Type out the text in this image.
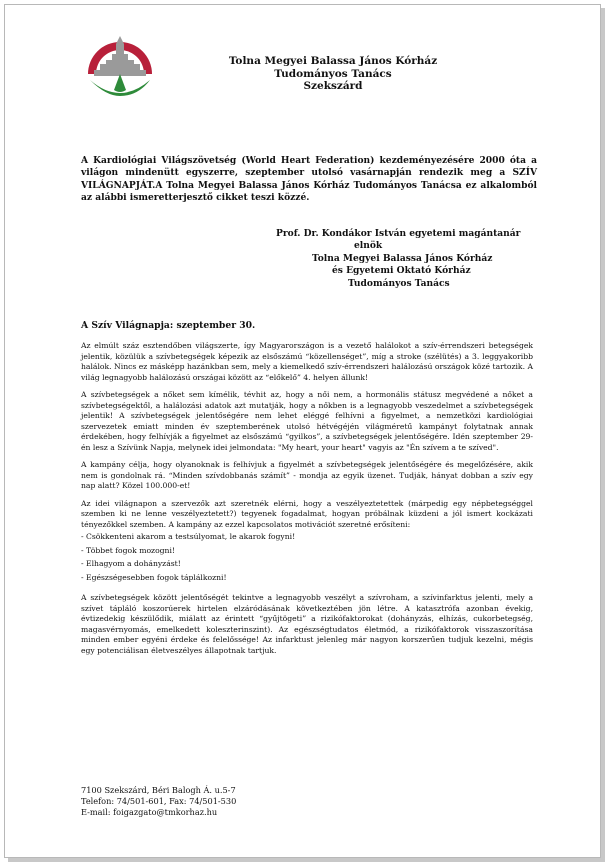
Tolna Megyei Balassa János Kórház
Tudományos Tanács
Szekszárd
A Kardiológiai Világszövetség (World Heart Federation) kezdeményezésére 2000 óta a világon mindenütt egyszerre, szeptember utolsó vasárnapján rendezik meg a SZÍV VILÁGNAPJÁT.A Tolna Megyei Balassa János Kórház Tudományos Tanácsa ez alkalomból az alábbi ismeretterjesztő cikket teszi közzé.
Prof. Dr. Kondákor István egyetemi magántanár
elnök
Tolna Megyei Balassa János Kórház
és Egyetemi Oktató Kórház
Tudományos Tanács
A Szív Világnapja: szeptember 30.

Az elmúlt száz esztendőben világszerte, így Magyarországon is a vezető halálokot a szív-érrendszeri betegségek jelentik, közülük a szívbetegségek képezik az elsőszámú “közellenséget”, míg a stroke (szélütés) a 3. leggyakoribb halálok. Nincs ez másképp hazánkban sem, mely a kiemelkedő szív-érrendszeri halálozású országok közé tartozik. A világ legnagyobb halálozású országai között az “előkelő” 4. helyen állunk!

A szívbetegségek a nőket sem kímélik, tévhit az, hogy a női nem, a hormonális státusz megvédené a nőket a szívbetegségektől, a halálozási adatok azt mutatják, hogy a nőkben is a legnagyobb veszedelmet a szívbetegségek jelentik! A szívbetegségek jelentőségére nem lehet eléggé felhívni a figyelmet, a nemzetközi kardiológiai szervezetek emiatt minden év szeptemberének utolsó hétvégéjén világméretű kampányt folytatnak annak érdekében, hogy felhívják a figyelmet az elsőszámú “gyilkos”, a szívbetegségek jelentőségére. Idén szeptember 29-én lesz a Szívünk Napja, melynek idei jelmondata: "My heart, your heart" vagyis az "Én szívem a te szíved".

A kampány célja, hogy olyanoknak is felhívjuk a figyelmét a szívbetegségek jelentőségére és megelőzésére, akik nem is gondolnak rá. “Minden szívdobbanás számít” - mondja az egyik üzenet. Tudják, hányat dobban a szív egy nap alatt? Közel 100.000-et!

Az idei világnapon a szervezők azt szeretnék elérni, hogy a veszélyeztetettek (márpedig egy népbetegséggel szemben ki ne lenne veszélyeztetett?) tegyenek fogadalmat, hogyan próbálnak küzdeni a jól ismert kockázati tényezőkkel szemben. A kampány az ezzel kapcsolatos motivációt szeretné erősíteni:

- Csökkenteni akarom a testsúlyomat, le akarok fogyni!
- Többet fogok mozogni!
- Elhagyom a dohányzást!
- Egészségesebben fogok táplálkozni!

A szívbetegségek között jelentőségét tekintve a legnagyobb veszélyt a szívroham, a szívinfarktus jelenti, mely a szívet tápláló koszorúerek hirtelen elzáródásának következtében jön létre. A katasztrófa azonban évekig, évtizedekig készülődik, miálatt az érintett “gyűjtögeti” a rizikófaktorokat (dohányzás, elhízás, cukorbetegség, magasvérnyomás, emelkedett koleszterinszint). Az egészségtudatos életmód, a rizikófaktorok visszaszorítása minden ember egyéni érdeke és felelőssége! Az infarktust jelenleg már nagyon korszerűen tudjuk kezelni, mégis egy potenciálisan életveszélyes állapotnak tartjuk.

7100 Szekszárd, Béri Balogh Á. u.5-7
Telefon: 74/501-601, Fax: 74/501-530
E-mail: foigazgato@tmkorhaz.hu
